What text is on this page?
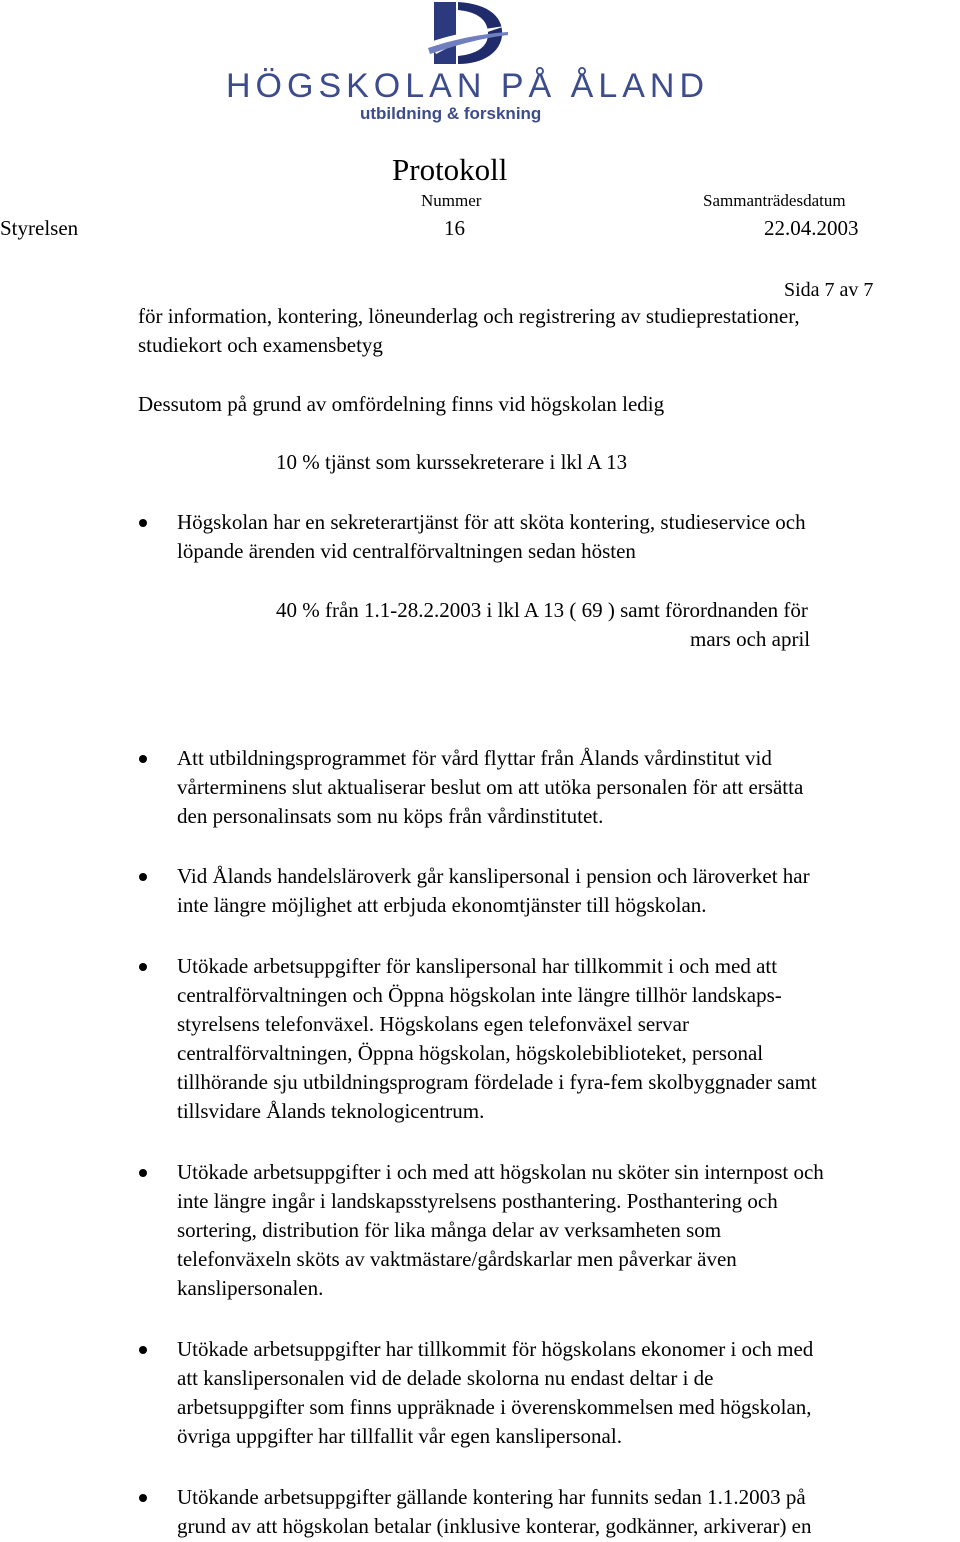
HÖGSKOLAN PÅ ÅLAND
utbildning & forskning
Protokoll
Nummer	Sammanträdesdatum
Styrelsen	16	22.04.2003
Sida 7 av 7
för information, kontering, löneunderlag och registrering av studieprestationer,
studiekort och examensbetyg
Dessutom på grund av omfördelning finns vid högskolan ledig
10 % tjänst som kurssekreterare i lkl A 13
Högskolan har en sekreterartjänst för att sköta kontering, studieservice och
löpande ärenden vid centralförvaltningen sedan hösten
40 % från 1.1-28.2.2003 i lkl A 13 ( 69 ) samt förordnanden för
mars och april
Att utbildningsprogrammet för vård flyttar från Ålands vårdinstitut vid
vårterminens slut aktualiserar beslut om att utöka personalen för att ersätta
den personalinsats som nu köps från vårdinstitutet.
Vid Ålands handelsläroverk går kanslipersonal i pension och läroverket har
inte längre möjlighet att erbjuda ekonomtjänster till högskolan.
Utökade arbetsuppgifter för kanslipersonal har tillkommit i och med att
centralförvaltningen och Öppna högskolan inte längre tillhör landskaps-
styrelsens telefonväxel. Högskolans egen telefonväxel servar
centralförvaltningen, Öppna högskolan, högskolebiblioteket, personal
tillhörande sju utbildningsprogram fördelade i fyra-fem skolbyggnader samt
tillsvidare Ålands teknologicentrum.
Utökade arbetsuppgifter i och med att högskolan nu sköter sin internpost och
inte längre ingår i landskapsstyrelsens posthantering. Posthantering och
sortering, distribution för lika många delar av verksamheten som
telefonväxeln sköts av vaktmästare/gårdskarlar men påverkar även
kanslipersonalen.
Utökade arbetsuppgifter har tillkommit för högskolans ekonomer i och med
att kanslipersonalen vid de delade skolorna nu endast deltar i de
arbetsuppgifter som finns uppräknade i överenskommelsen med högskolan,
övriga uppgifter har tillfallit vår egen kanslipersonal.
Utökande arbetsuppgifter gällande kontering har funnits sedan 1.1.2003 på
grund av att högskolan betalar (inklusive konterar, godkänner, arkiverar) en
